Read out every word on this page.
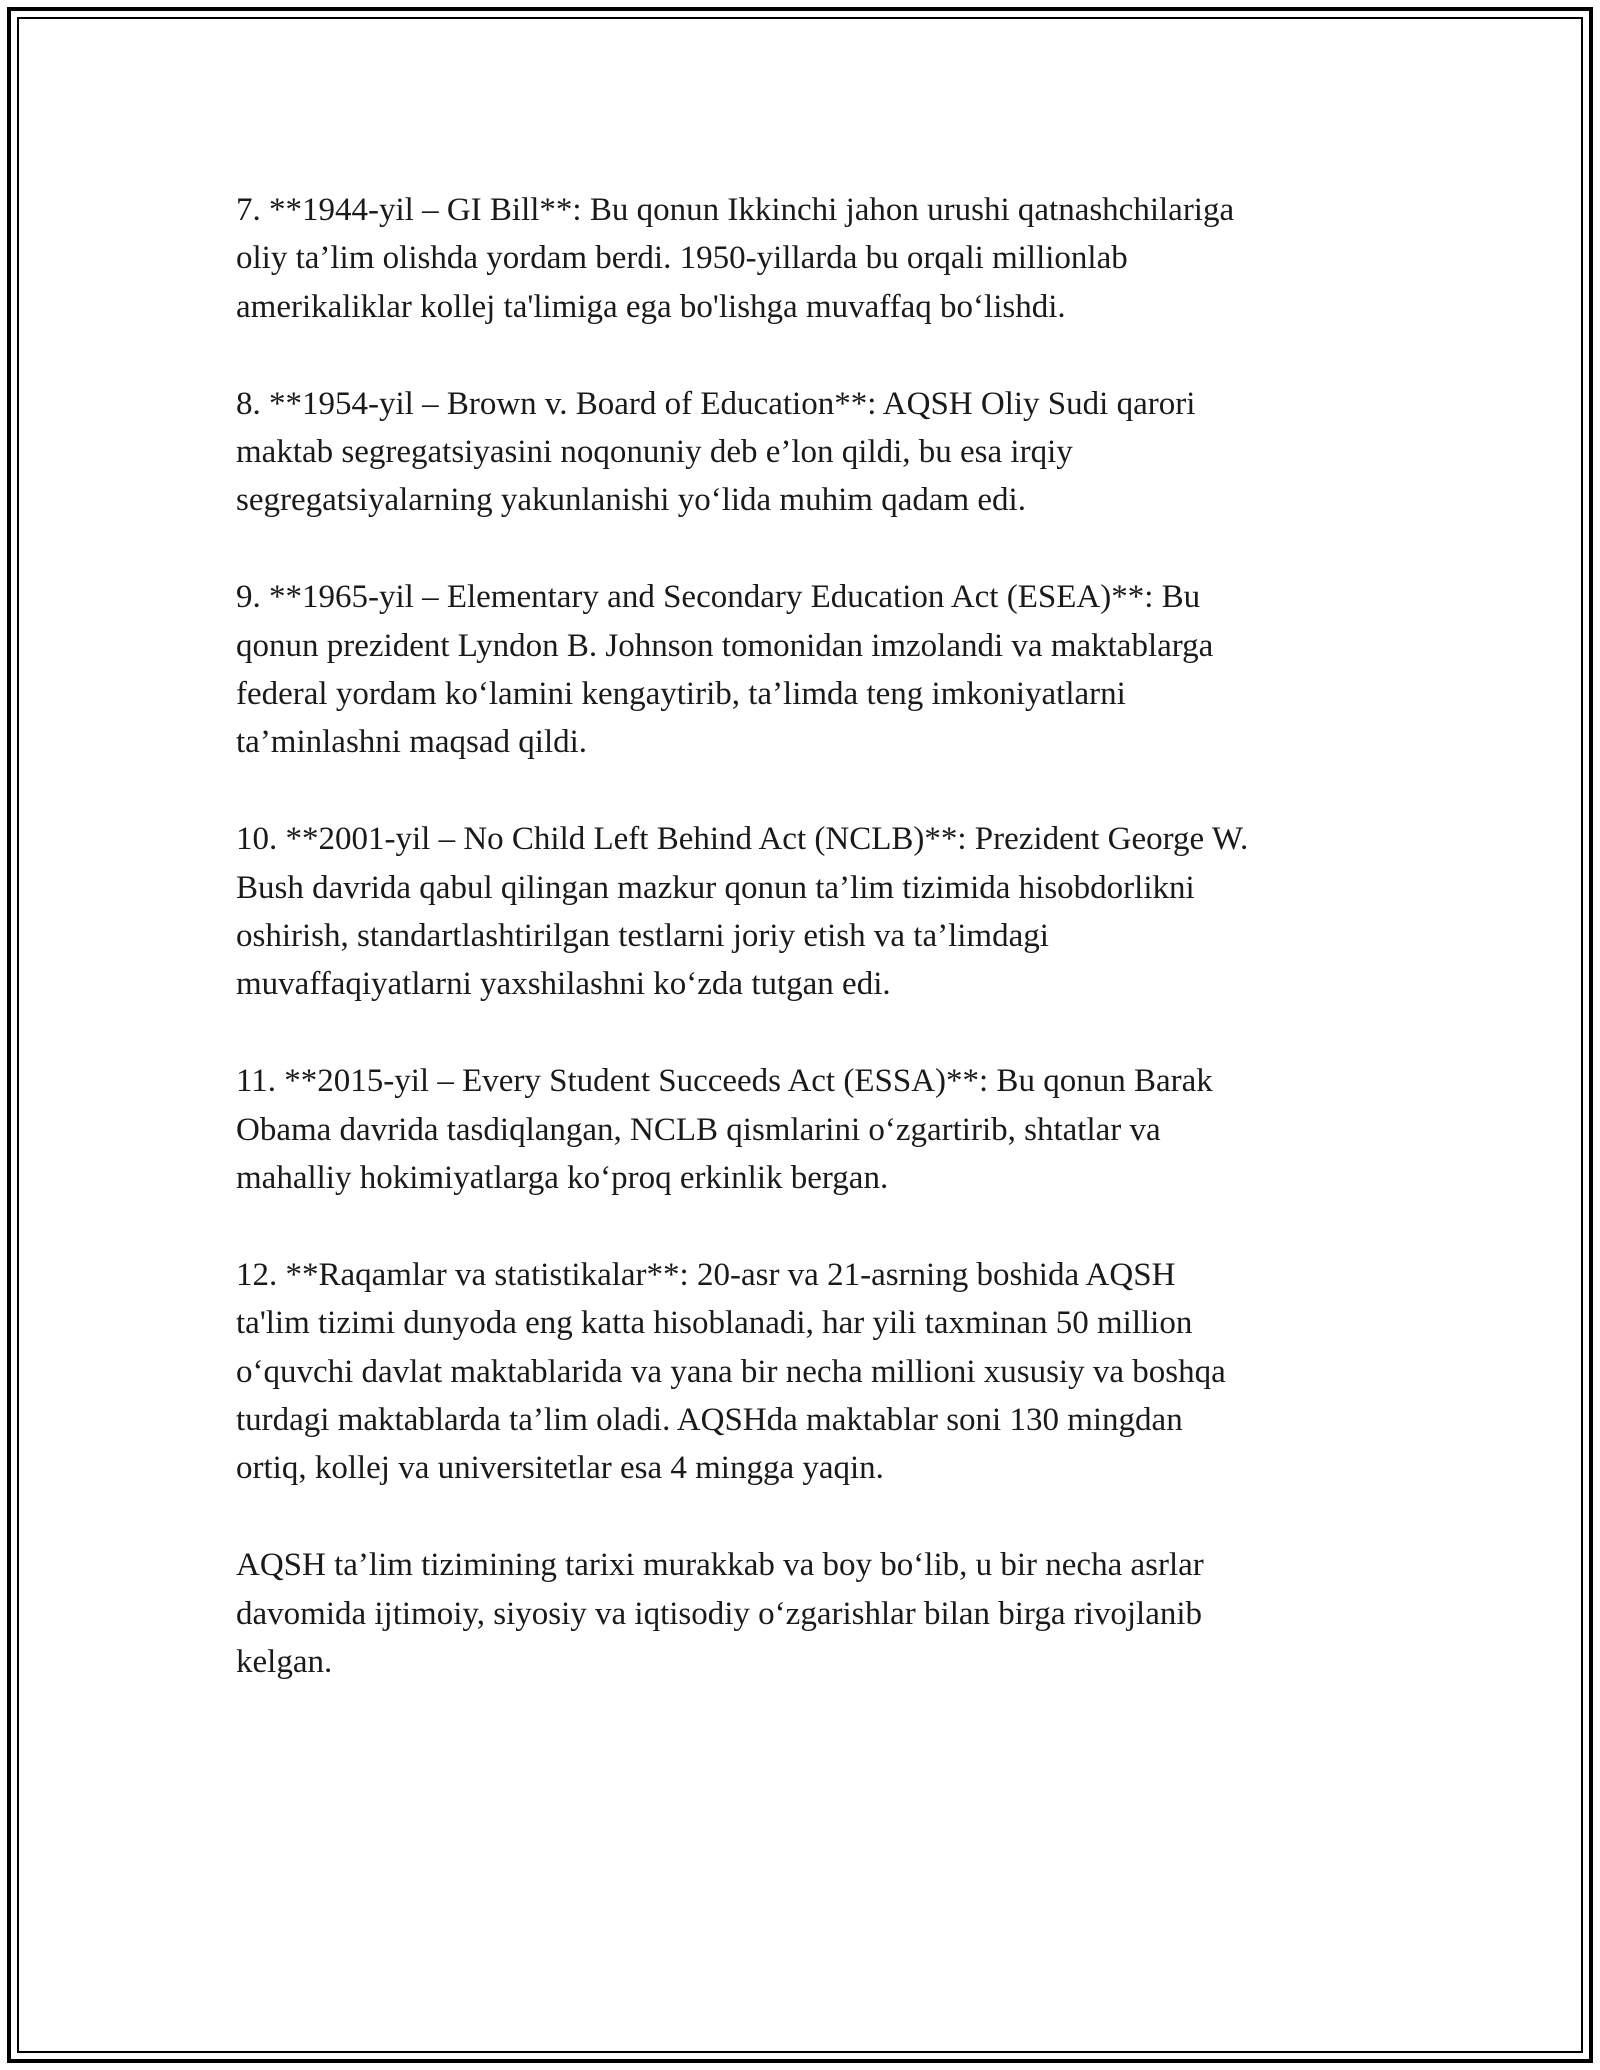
7. **1944-yil – GI Bill**: Bu qonun Ikkinchi jahon urushi qatnashchilariga
oliy ta’lim olishda yordam berdi. 1950-yillarda bu orqali millionlab
amerikaliklar kollej ta'limiga ega bo'lishga muvaffaq bo‘lishdi.

8. **1954-yil – Brown v. Board of Education**: AQSH Oliy Sudi qarori
maktab segregatsiyasini noqonuniy deb e’lon qildi, bu esa irqiy
segregatsiyalarning yakunlanishi yo‘lida muhim qadam edi.

9. **1965-yil – Elementary and Secondary Education Act (ESEA)**: Bu
qonun prezident Lyndon B. Johnson tomonidan imzolandi va maktablarga
federal yordam ko‘lamini kengaytirib, ta’limda teng imkoniyatlarni
ta’minlashni maqsad qildi.

10. **2001-yil – No Child Left Behind Act (NCLB)**: Prezident George W.
Bush davrida qabul qilingan mazkur qonun ta’lim tizimida hisobdorlikni
oshirish, standartlashtirilgan testlarni joriy etish va ta’limdagi
muvaffaqiyatlarni yaxshilashni ko‘zda tutgan edi.

11. **2015-yil – Every Student Succeeds Act (ESSA)**: Bu qonun Barak
Obama davrida tasdiqlangan, NCLB qismlarini o‘zgartirib, shtatlar va
mahalliy hokimiyatlarga ko‘proq erkinlik bergan.

12. **Raqamlar va statistikalar**: 20-asr va 21-asrning boshida AQSH
ta'lim tizimi dunyoda eng katta hisoblanadi, har yili taxminan 50 million
o‘quvchi davlat maktablarida va yana bir necha millioni xususiy va boshqa
turdagi maktablarda ta’lim oladi. AQSHda maktablar soni 130 mingdan
ortiq, kollej va universitetlar esa 4 mingga yaqin.

AQSH ta’lim tizimining tarixi murakkab va boy bo‘lib, u bir necha asrlar
davomida ijtimoiy, siyosiy va iqtisodiy o‘zgarishlar bilan birga rivojlanib
kelgan.
